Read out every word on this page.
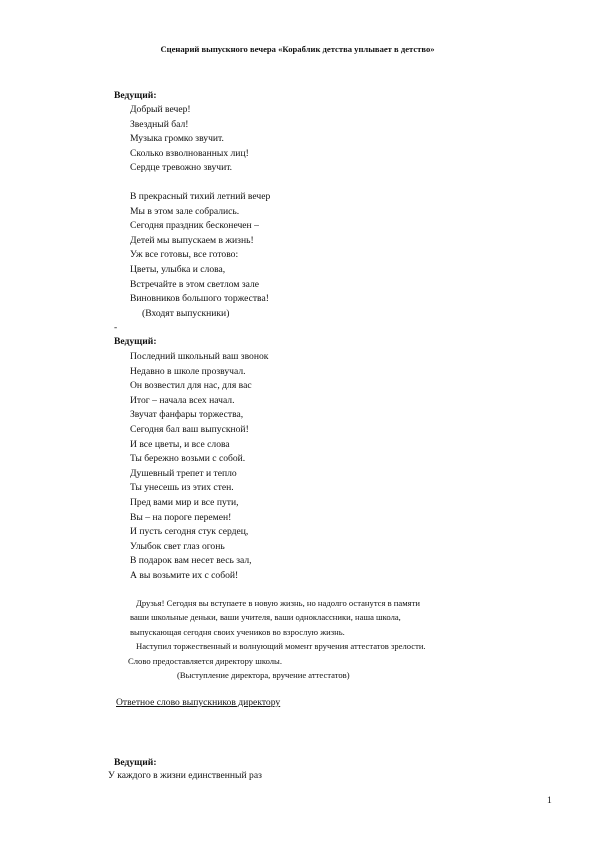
Сценарий выпускного вечера «Кораблик детства уплывает в детство»
Ведущий:
Добрый вечер!
Звездный бал!
Музыка громко звучит.
Сколько взволнованных лиц!
Сердце тревожно звучит.
В прекрасный тихий летний вечер
Мы в этом зале собрались.
Сегодня праздник бесконечен –
Детей мы выпускаем в жизнь!
Уж все готовы, все готово:
Цветы, улыбка и слова,
Встречайте в этом светлом зале
Виновников большого торжества!
(Входят выпускники)
-
Ведущий:
Последний школьный ваш звонок
Недавно в школе прозвучал.
Он возвестил для нас, для вас
Итог – начала всех начал.
Звучат фанфары торжества,
Сегодня бал ваш выпускной!
И все цветы, и все слова
Ты бережно возьми с собой.
Душевный трепет и тепло
Ты унесешь из этих стен.
Пред вами мир и все пути,
Вы – на пороге перемен!
И пусть сегодня стук сердец,
Улыбок свет глаз огонь
В подарок вам несет весь зал,
А вы возьмите их с собой!
Друзья! Сегодня вы вступаете в новую жизнь, но надолго останутся в памяти
ваши школьные деньки, ваши учителя, ваши одноклассники, наша школа,
выпускающая сегодня своих учеников во взрослую жизнь.
Наступил торжественный и волнующий момент вручения аттестатов зрелости.
Слово предоставляется директору школы.
(Выступление директора, вручение аттестатов)
Ответное слово выпускников директору
Ведущий:
У каждого в жизни единственный раз
1
